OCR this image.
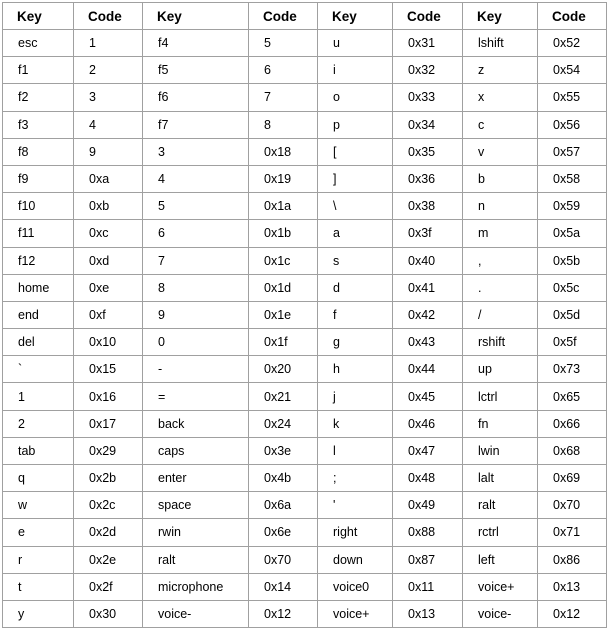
Key	Code	Key	Code	Key	Code	Key	Code
esc	1	f4	5	u	0x31	lshift	0x52
f1	2	f5	6	i	0x32	z	0x54
f2	3	f6	7	o	0x33	x	0x55
f3	4	f7	8	p	0x34	c	0x56
f8	9	3	0x18	[	0x35	v	0x57
f9	0xa	4	0x19	]	0x36	b	0x58
f10	0xb	5	0x1a	\	0x38	n	0x59
f11	0xc	6	0x1b	a	0x3f	m	0x5a
f12	0xd	7	0x1c	s	0x40	,	0x5b
home	0xe	8	0x1d	d	0x41	.	0x5c
end	0xf	9	0x1e	f	0x42	/	0x5d
del	0x10	0	0x1f	g	0x43	rshift	0x5f
`	0x15	-	0x20	h	0x44	up	0x73
1	0x16	=	0x21	j	0x45	lctrl	0x65
2	0x17	back	0x24	k	0x46	fn	0x66
tab	0x29	caps	0x3e	l	0x47	lwin	0x68
q	0x2b	enter	0x4b	;	0x48	lalt	0x69
w	0x2c	space	0x6a	'	0x49	ralt	0x70
e	0x2d	rwin	0x6e	right	0x88	rctrl	0x71
r	0x2e	ralt	0x70	down	0x87	left	0x86
t	0x2f	microphone	0x14	voice0	0x11	voice+	0x13
y	0x30	voice-	0x12	voice+	0x13	voice-	0x12
